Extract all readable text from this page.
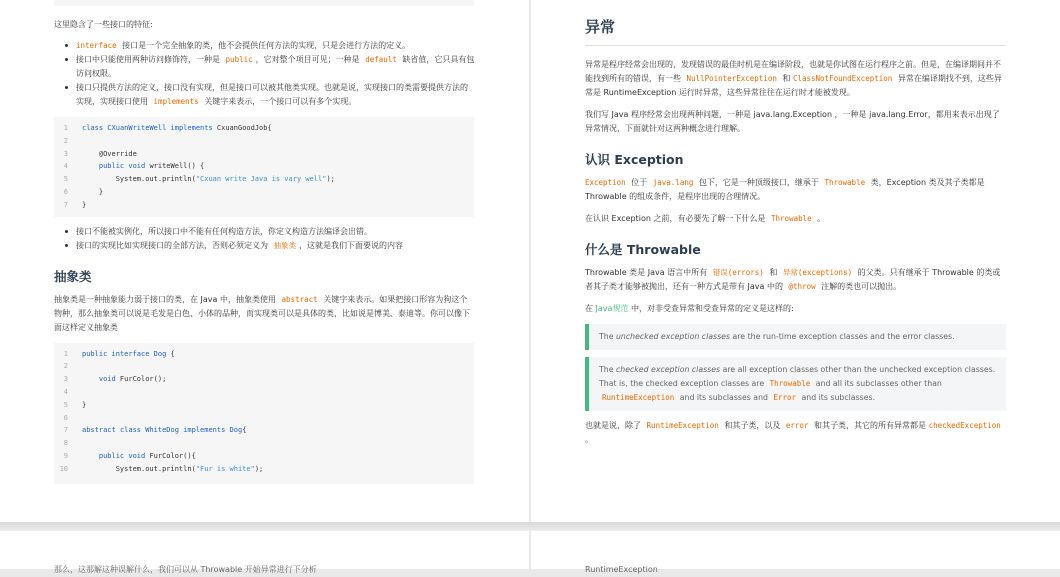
这里隐含了一些接口的特征:

interface 接口是一个完全抽象的类，他不会提供任何方法的实现，只是会进行方法的定义。
接口中只能使用两种访问修饰符，一种是 public ，它对整个项目可见；一种是 default 缺省值，它只具有包访问权限。
接口只提供方法的定义，接口没有实现，但是接口可以被其他类实现。也就是说，实现接口的类需要提供方法的实现，实现接口使用 implements 关键字来表示，一个接口可以有多个实现。
1 class CXuanWriteWell implements CxuanGoodJob{
2
3 @Override
4	public void writeWell() {
5 System.out.println("Cxuan write Java is vary well");
6 }
7 }
接口不能被实例化，所以接口中不能有任何构造方法，你定义构造方法编译会出错。
接口的实现比如实现接口的全部方法，否则必须定义为 抽象类 ，这就是我们下面要说的内容
抽象类

抽象类是一种抽象能力弱于接口的类，在 Java 中，抽象类使用 abstract 关键字来表示。如果把接口形容为狗这个物种，那么抽象类可以说是毛发是白色、小体的品种，而实现类可以是具体的类，比如说是博美、泰迪等。你可以像下面这样定义抽象类

1 public interface Dog {
2
3	void FurColor();
4
5 }
6
7 abstract class WhiteDog implements Dog{
8
9	public void FurColor(){
10 System.out.println("Fur is white");
异常

异常是程序经常会出现的，发现错误的最佳时机是在编译阶段，也就是你试图在运行程序之前。但是，在编译期间并不能找到所有的错误，有一些 NullPointerException 和 ClassNotFoundException 异常在编译期找不到，这些异常是 RuntimeException 运行时异常，这些异常往往在运行时才能被发现。

我们写 Java 程序经常会出现两种问题，一种是 java.lang.Exception ，一种是 java.lang.Error，都用来表示出现了异常情况，下面就针对这两种概念进行理解。

认识 Exception

Exception 位于 java.lang 包下，它是一种顶级接口，继承于 Throwable 类，Exception 类及其子类都是 Throwable 的组成条件，是程序出现的合理情况。

在认识 Exception 之前，有必要先了解一下什么是 Throwable 。

什么是 Throwable

Throwable 类是 Java 语言中所有 错误(errors) 和 异常(exceptions) 的父类。只有继承于 Throwable 的类或者其子类才能够被抛出，还有一种方式是带有 Java 中的 @throw 注解的类也可以抛出。

在 Java规范 中，对非受查异常和受查异常的定义是这样的:

The unchecked exception classes are the run-time exception classes and the error classes.

The checked exception classes are all exception classes other than the unchecked exception classes. That is, the checked exception classes are Throwable and all its subclasses other than RuntimeException and its subclasses and Error and its subclasses.

也就是说，除了 RuntimeException 和其子类，以及 error 和其子类，其它的所有异常都是 checkedException 。

那么，这那解这种误解什么，我们可以从 Throwable 开始异常进行下分析	RuntimeException
